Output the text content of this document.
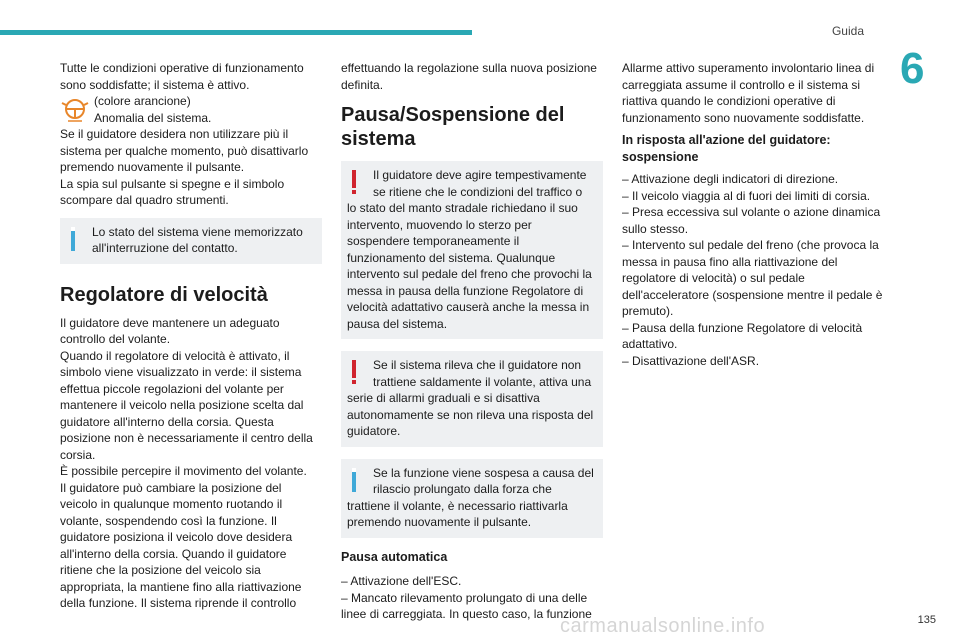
Guida
6

Tutte le condizioni operative di funzionamento sono soddisfatte; il sistema è attivo.

(colore arancione)
Anomalia del sistema.

Se il guidatore desidera non utilizzare più il sistema per qualche momento, può disattivarlo premendo nuovamente il pulsante.

La spia sul pulsante si spegne e il simbolo scompare dal quadro strumenti.

Lo stato del sistema viene memorizzato all'interruzione del contatto.
Regolatore di velocità

Il guidatore deve mantenere un adeguato controllo del volante.

Quando il regolatore di velocità è attivato, il simbolo viene visualizzato in verde: il sistema effettua piccole regolazioni del volante per mantenere il veicolo nella posizione scelta dal guidatore all'interno della corsia. Questa posizione non è necessariamente il centro della corsia.

È possibile percepire il movimento del volante.

Il guidatore può cambiare la posizione del veicolo in qualunque momento ruotando il volante, sospendendo così la funzione. Il guidatore posiziona il veicolo dove desidera all'interno della corsia. Quando il guidatore ritiene che la posizione del veicolo sia appropriata, la mantiene fino alla riattivazione della funzione. Il sistema riprende il controllo

effettuando la regolazione sulla nuova posizione definita.

Pausa/Sospensione del sistema
Il guidatore deve agire tempestivamente se ritiene che le condizioni del traffico o
lo stato del manto stradale richiedano il suo intervento, muovendo lo sterzo per sospendere temporaneamente il funzionamento del sistema. Qualunque intervento sul pedale del freno che provochi la messa in pausa della funzione Regolatore di velocità adattativo causerà anche la messa in pausa del sistema.
Se il sistema rileva che il guidatore non trattiene saldamente il volante, attiva una
serie di allarmi graduali e si disattiva autonomamente se non rileva una risposta del guidatore.
Se la funzione viene sospesa a causa del rilascio prolungato dalla forza che
trattiene il volante, è necessario riattivarla premendo nuovamente il pulsante.
Pausa automatica
– Attivazione dell'ESC.
– Mancato rilevamento prolungato di una delle linee di carreggiata. In questo caso, la funzione

Allarme attivo superamento involontario linea di carreggiata assume il controllo e il sistema si riattiva quando le condizioni operative di funzionamento sono nuovamente soddisfatte.

In risposta all'azione del guidatore: sospensione
– Attivazione degli indicatori di direzione.
– Il veicolo viaggia al di fuori dei limiti di corsia.
– Presa eccessiva sul volante o azione dinamica sullo stesso.
– Intervento sul pedale del freno (che provoca la messa in pausa fino alla riattivazione del regolatore di velocità) o sul pedale dell'acceleratore (sospensione mentre il pedale è premuto).
– Pausa della funzione Regolatore di velocità adattativo.
– Disattivazione dell'ASR.
carmanualsonline.info	135
